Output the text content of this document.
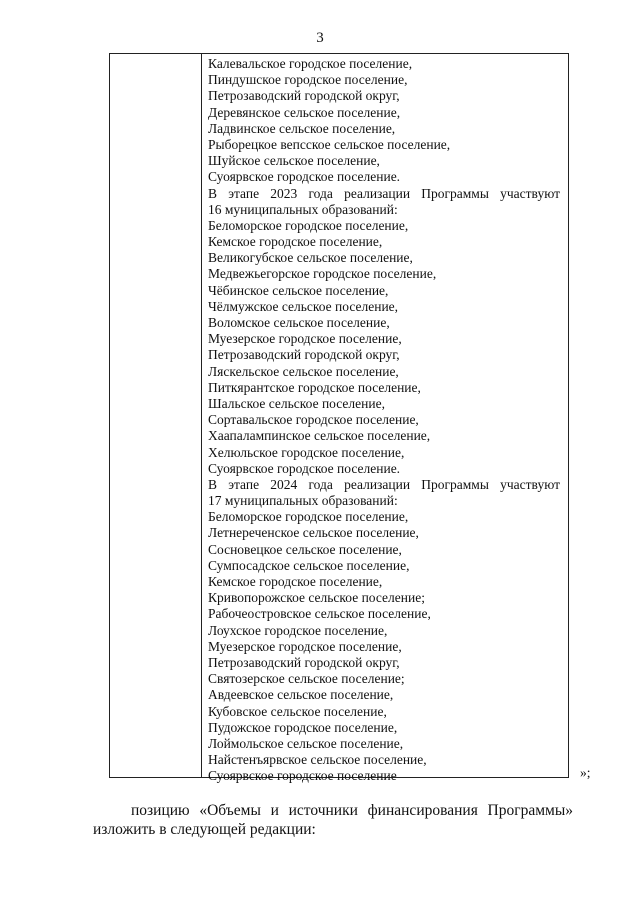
3
Калевальское городское поселение,
Пиндушское городское поселение,
Петрозаводский городской округ,
Деревянское сельское поселение,
Ладвинское сельское поселение,
Рыборецкое вепсское сельское поселение,
Шуйское сельское поселение,
Суоярвское городское поселение.
В этапе 2023 года реализации Программы участвуют
16 муниципальных образований:
Беломорское городское поселение,
Кемское городское поселение,
Великогубское сельское поселение,
Медвежьегорское городское поселение,
Чёбинское сельское поселение,
Чёлмужское сельское поселение,
Воломское сельское поселение,
Муезерское городское поселение,
Петрозаводский городской округ,
Ляскельское сельское поселение,
Питкярантское городское поселение,
Шальское сельское поселение,
Сортавальское городское поселение,
Хаапалампинское сельское поселение,
Хелюльское городское поселение,
Суоярвское городское поселение.
В этапе 2024 года реализации Программы участвуют
17 муниципальных образований:
Беломорское городское поселение,
Летнереченское сельское поселение,
Сосновецкое сельское поселение,
Сумпосадское сельское поселение,
Кемское городское поселение,
Кривопорожское сельское поселение;
Рабочеостровское сельское поселение,
Лоухское городское поселение,
Муезерское городское поселение,
Петрозаводский городской округ,
Святозерское сельское поселение;
Авдеевское сельское поселение,
Кубовское сельское поселение,
Пудожское городское поселение,
Лоймольское сельское поселение,
Найстенъярвское сельское поселение,
Суоярвское городское поселение	»;
позицию «Объемы и источники финансирования Программы»
изложить в следующей редакции:
